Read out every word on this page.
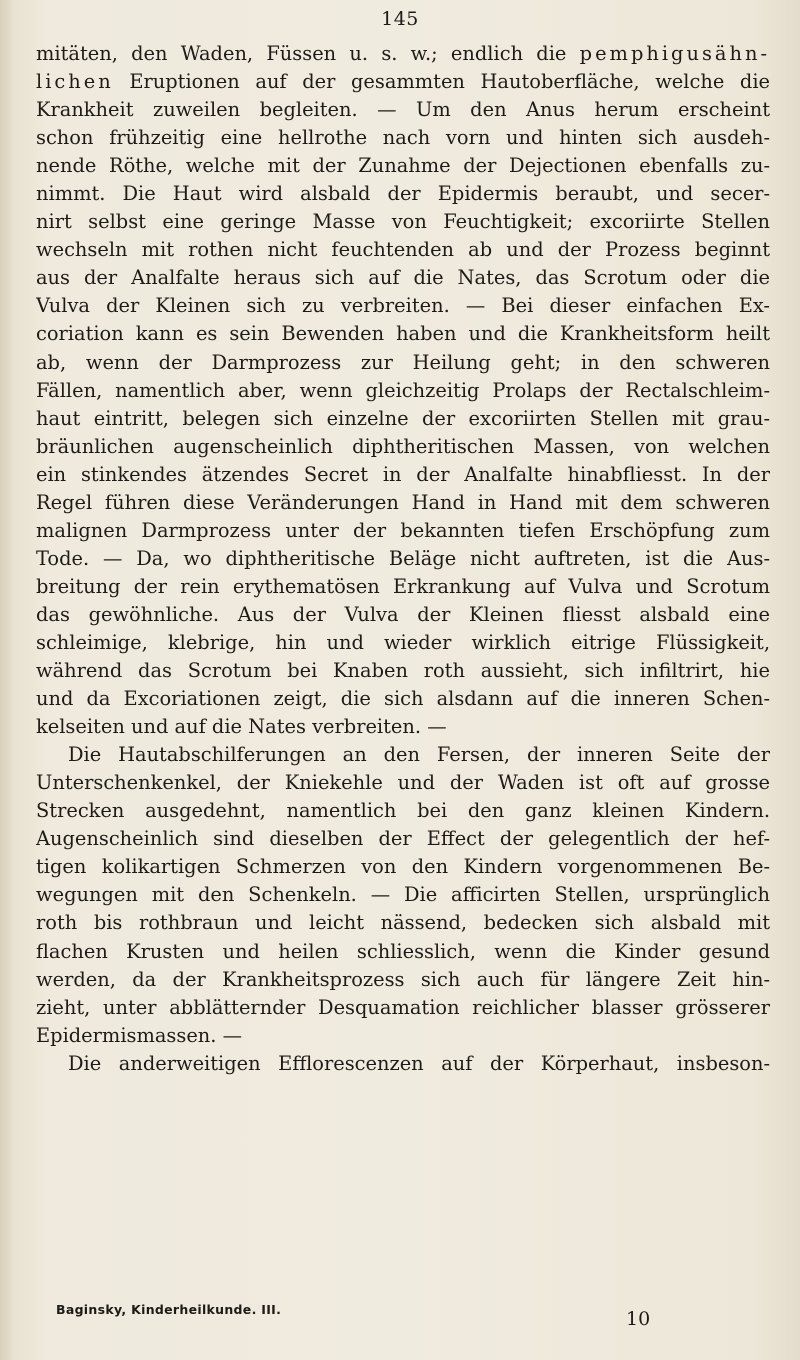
145
mitäten, den Waden, Füssen u. s. w.; endlich die pemphigusähn-
lichen Eruptionen auf der gesammten Hautoberfläche, welche die
Krankheit zuweilen begleiten. — Um den Anus herum erscheint
schon frühzeitig eine hellrothe nach vorn und hinten sich ausdeh-
nende Röthe, welche mit der Zunahme der Dejectionen ebenfalls zu-
nimmt. Die Haut wird alsbald der Epidermis beraubt, und secer-
nirt selbst eine geringe Masse von Feuchtigkeit; excoriirte Stellen
wechseln mit rothen nicht feuchtenden ab und der Prozess beginnt
aus der Analfalte heraus sich auf die Nates, das Scrotum oder die
Vulva der Kleinen sich zu verbreiten. — Bei dieser einfachen Ex-
coriation kann es sein Bewenden haben und die Krankheitsform heilt
ab, wenn der Darmprozess zur Heilung geht; in den schweren
Fällen, namentlich aber, wenn gleichzeitig Prolaps der Rectalschleim-
haut eintritt, belegen sich einzelne der excoriirten Stellen mit grau-
bräunlichen augenscheinlich diphtheritischen Massen, von welchen
ein stinkendes ätzendes Secret in der Analfalte hinabfliesst. In der
Regel führen diese Veränderungen Hand in Hand mit dem schweren
malignen Darmprozess unter der bekannten tiefen Erschöpfung zum
Tode. — Da, wo diphtheritische Beläge nicht auftreten, ist die Aus-
breitung der rein erythematösen Erkrankung auf Vulva und Scrotum
das gewöhnliche. Aus der Vulva der Kleinen fliesst alsbald eine
schleimige, klebrige, hin und wieder wirklich eitrige Flüssigkeit,
während das Scrotum bei Knaben roth aussieht, sich infiltrirt, hie
und da Excoriationen zeigt, die sich alsdann auf die inneren Schen-
kelseiten und auf die Nates verbreiten. —
Die Hautabschilferungen an den Fersen, der inneren Seite der
Unterschenkenkel, der Kniekehle und der Waden ist oft auf grosse
Strecken ausgedehnt, namentlich bei den ganz kleinen Kindern.
Augenscheinlich sind dieselben der Effect der gelegentlich der hef-
tigen kolikartigen Schmerzen von den Kindern vorgenommenen Be-
wegungen mit den Schenkeln. — Die afficirten Stellen, ursprünglich
roth bis rothbraun und leicht nässend, bedecken sich alsbald mit
flachen Krusten und heilen schliesslich, wenn die Kinder gesund
werden, da der Krankheitsprozess sich auch für längere Zeit hin-
zieht, unter abblätternder Desquamation reichlicher blasser grösserer
Epidermismassen. —
Die anderweitigen Efflorescenzen auf der Körperhaut, insbeson-
Baginsky, Kinderheilkunde. III.	10
